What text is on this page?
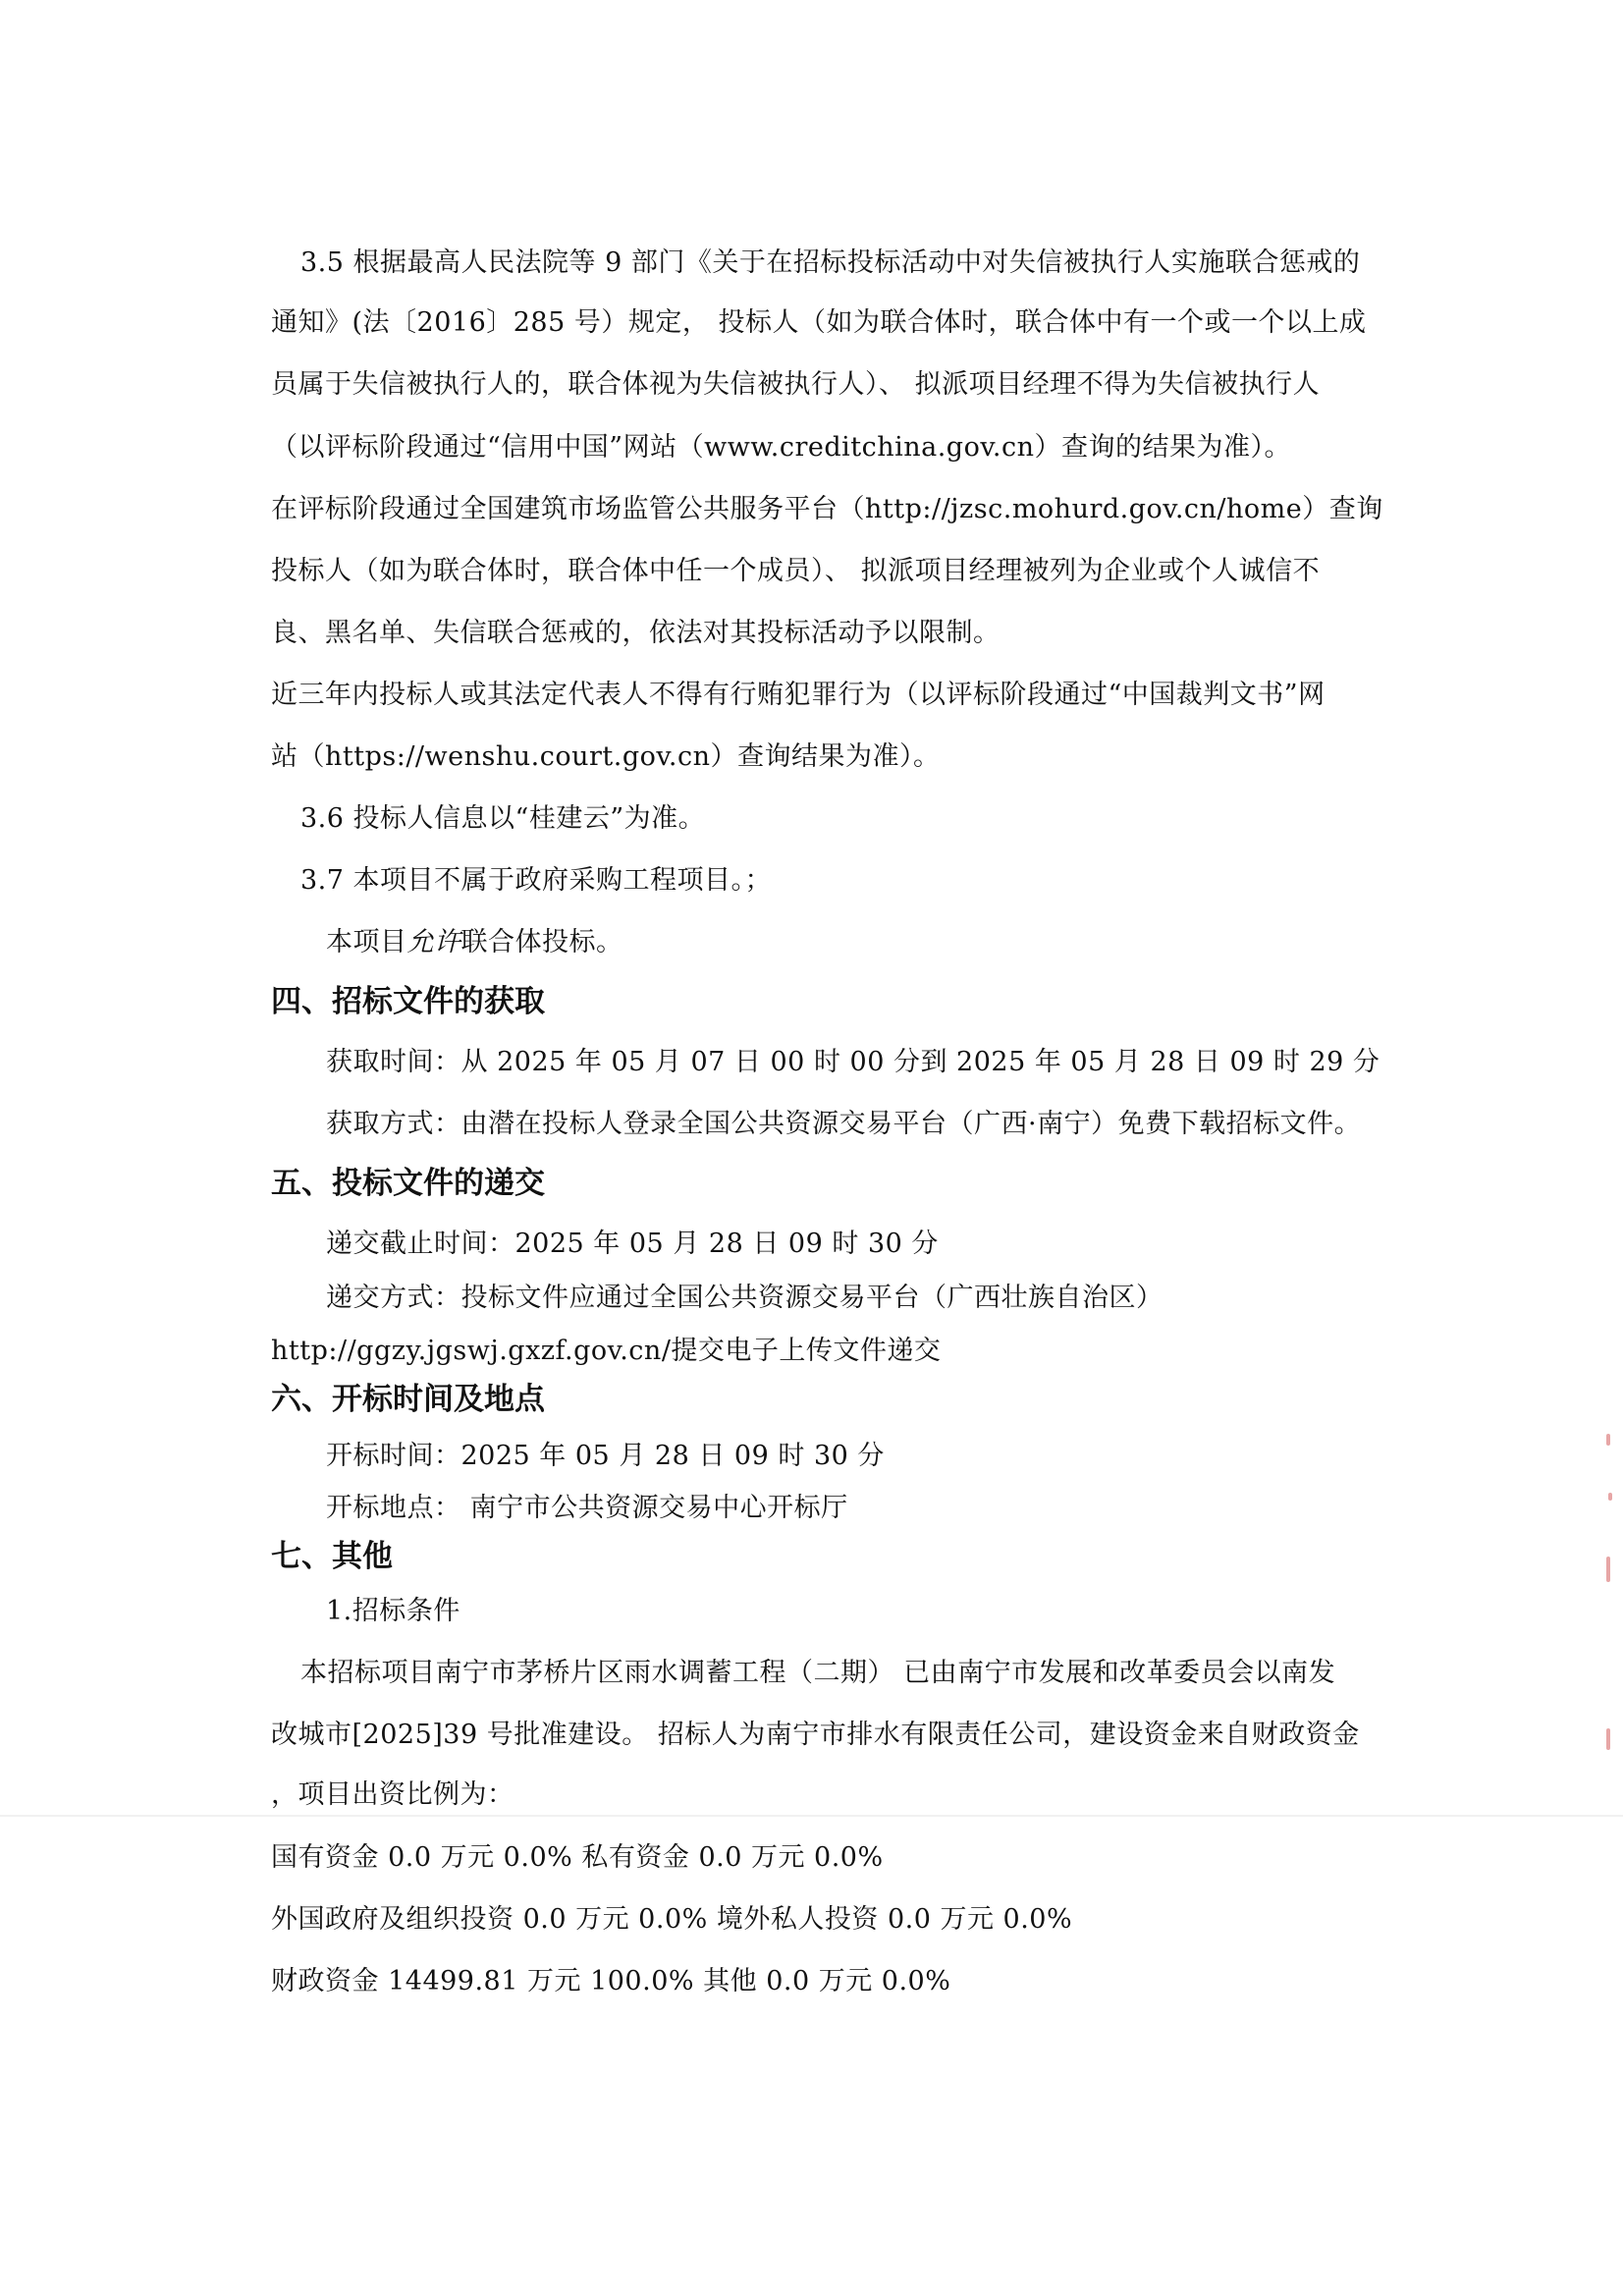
3.5 根据最高人民法院等 9 部门《关于在招标投标活动中对失信被执行人实施联合惩戒的
通知》(法〔2016〕285 号）规定， 投标人（如为联合体时，联合体中有一个或一个以上成
员属于失信被执行人的，联合体视为失信被执行人）、 拟派项目经理不得为失信被执行人
（以评标阶段通过“信用中国”网站（www.creditchina.gov.cn）查询的结果为准）。
在评标阶段通过全国建筑市场监管公共服务平台（http://jzsc.mohurd.gov.cn/home）查询
投标人（如为联合体时，联合体中任一个成员）、 拟派项目经理被列为企业或个人诚信不
良、黑名单、失信联合惩戒的，依法对其投标活动予以限制。
近三年内投标人或其法定代表人不得有行贿犯罪行为（以评标阶段通过“中国裁判文书”网
站（https://wenshu.court.gov.cn）查询结果为准）。
3.6 投标人信息以“桂建云”为准。
3.7 本项目不属于政府采购工程项目。；
本项目允许联合体投标。
四、招标文件的获取
获取时间：从 2025 年 05 月 07 日 00 时 00 分到 2025 年 05 月 28 日 09 时 29 分
获取方式：由潜在投标人登录全国公共资源交易平台（广西·南宁）免费下载招标文件。
五、投标文件的递交
递交截止时间：2025 年 05 月 28 日 09 时 30 分
递交方式：投标文件应通过全国公共资源交易平台（广西壮族自治区）
http://ggzy.jgswj.gxzf.gov.cn/提交电子上传文件递交
六、开标时间及地点
开标时间：2025 年 05 月 28 日 09 时 30 分
开标地点： 南宁市公共资源交易中心开标厅
七、其他
1.招标条件
本招标项目南宁市茅桥片区雨水调蓄工程（二期） 已由南宁市发展和改革委员会以南发
改城市[2025]39 号批准建设。 招标人为南宁市排水有限责任公司，建设资金来自财政资金
，项目出资比例为：
国有资金 0.0 万元 0.0% 私有资金 0.0 万元 0.0%
外国政府及组织投资 0.0 万元 0.0% 境外私人投资 0.0 万元 0.0%
财政资金 14499.81 万元 100.0% 其他 0.0 万元 0.0%
